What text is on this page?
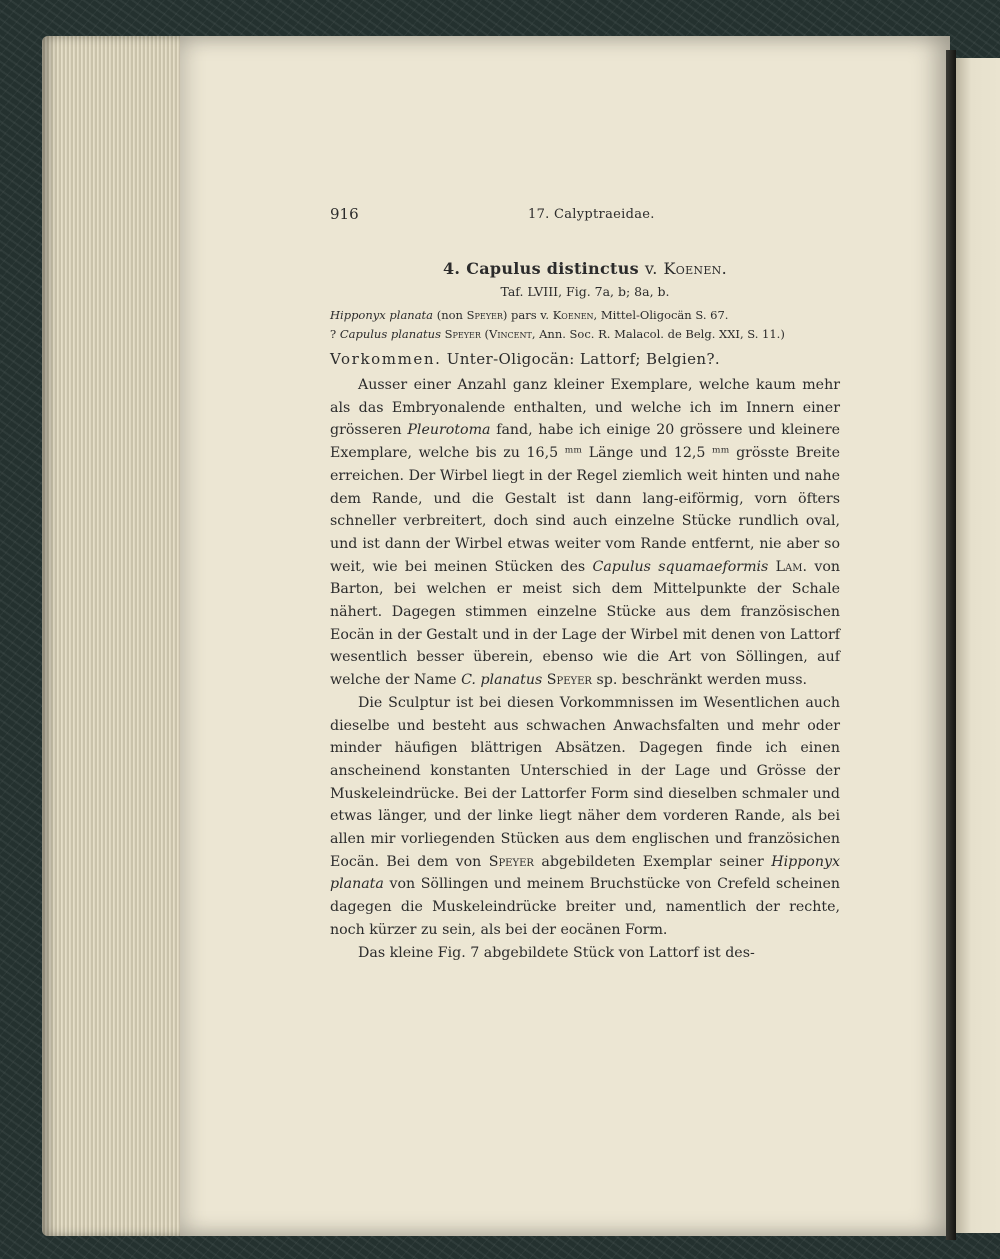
916	17. Calyptraeidae.
4. Capulus distinctus v. Koenen.
Taf. LVIII, Fig. 7a, b; 8a, b.
Hipponyx planata (non Speyer) pars v. Koenen, Mittel-Oligocän S. 67.
? Capulus planatus Speyer (Vincent, Ann. Soc. R. Malacol. de Belg. XXI, S. 11.)
Vorkommen. Unter-Oligocän: Lattorf; Belgien?.

Ausser einer Anzahl ganz kleiner Exemplare, welche kaum mehr als das Embryonalende enthalten, und welche ich im Innern einer grösseren Pleurotoma fand, habe ich einige 20 grössere und kleinere Exemplare, welche bis zu 16,5 ᵐᵐ Länge und 12,5 ᵐᵐ grösste Breite erreichen. Der Wirbel liegt in der Regel ziemlich weit hinten und nahe dem Rande, und die Gestalt ist dann lang-eiförmig, vorn öfters schneller verbreitert, doch sind auch einzelne Stücke rundlich oval, und ist dann der Wirbel etwas weiter vom Rande entfernt, nie aber so weit, wie bei meinen Stücken des Capulus squamaeformis Lam. von Barton, bei welchen er meist sich dem Mittelpunkte der Schale nähert. Dagegen stimmen einzelne Stücke aus dem französischen Eocän in der Gestalt und in der Lage der Wirbel mit denen von Lattorf wesentlich besser überein, ebenso wie die Art von Söllingen, auf welche der Name C. planatus Speyer sp. beschränkt werden muss.

Die Sculptur ist bei diesen Vorkommnissen im Wesentlichen auch dieselbe und besteht aus schwachen Anwachsfalten und mehr oder minder häufigen blättrigen Absätzen. Dagegen finde ich einen anscheinend konstanten Unterschied in der Lage und Grösse der Muskeleindrücke. Bei der Lattorfer Form sind dieselben schmaler und etwas länger, und der linke liegt näher dem vorderen Rande, als bei allen mir vorliegenden Stücken aus dem englischen und französichen Eocän. Bei dem von Speyer abgebildeten Exemplar seiner Hipponyx planata von Söllingen und meinem Bruchstücke von Crefeld scheinen dagegen die Muskeleindrücke breiter und, namentlich der rechte, noch kürzer zu sein, als bei der eocänen Form.

Das kleine Fig. 7 abgebildete Stück von Lattorf ist des-
